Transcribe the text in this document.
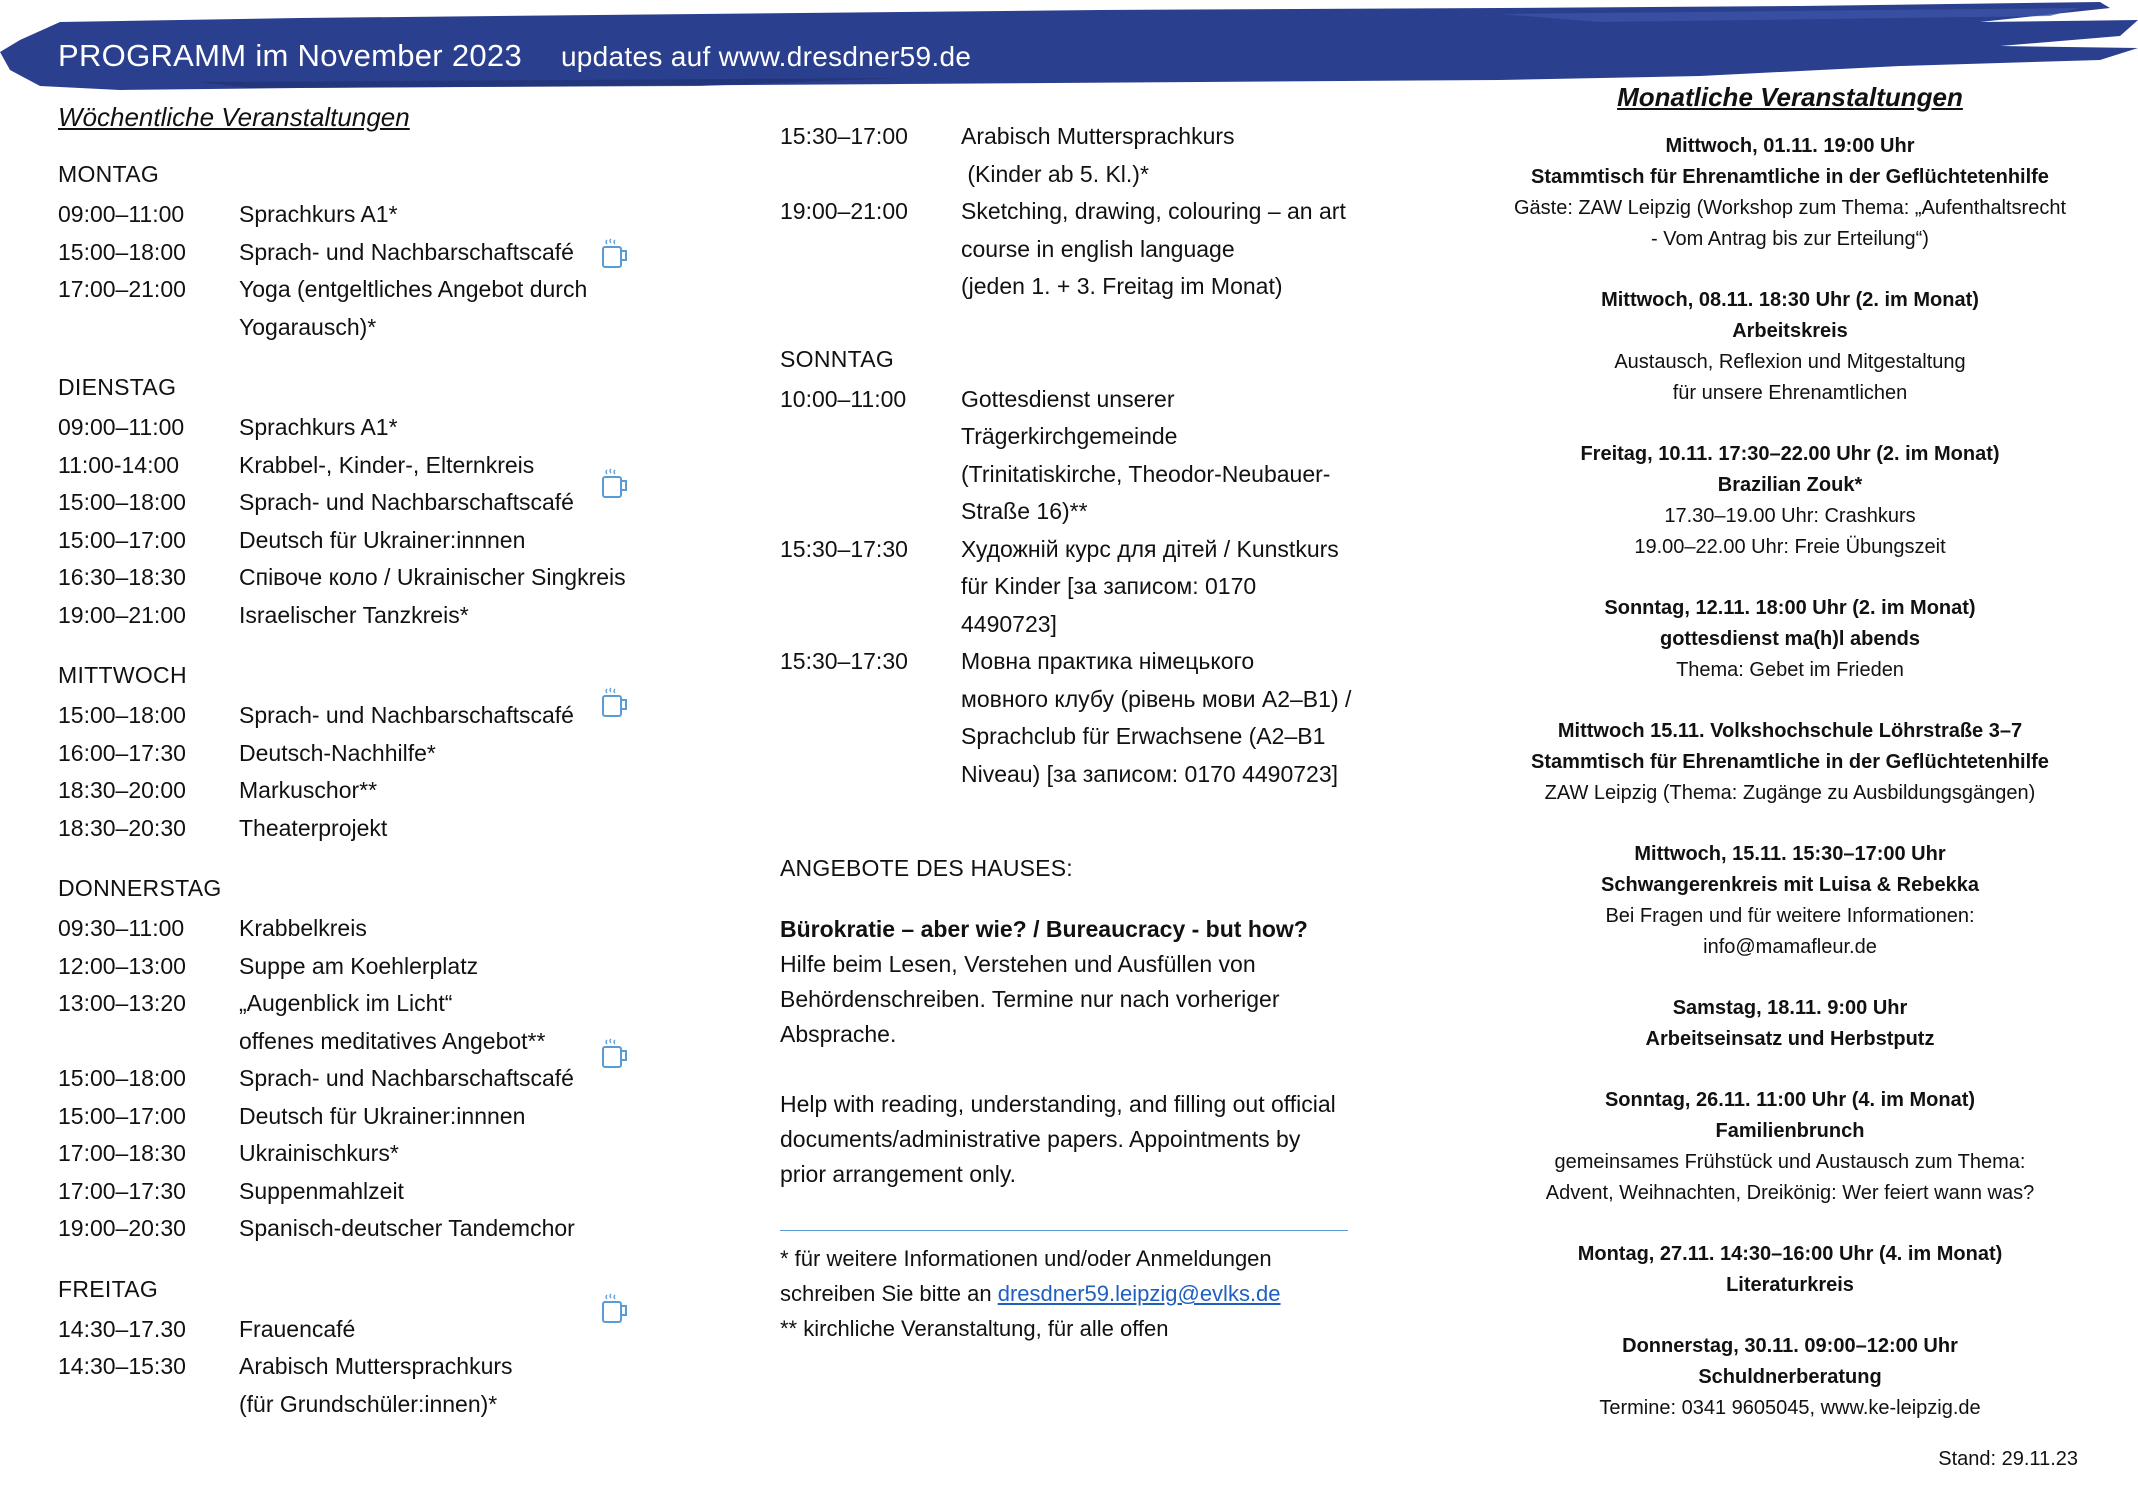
PROGRAMM im November 2023 updates auf www.dresdner59.de
Wöchentliche Veranstaltungen
MONTAG
09:00–11:00	Sprachkurs A1*
15:00–18:00	Sprach- und Nachbarschaftscafé
17:00–21:00	Yoga (entgeltliches Angebot durch
Yogarausch)*
DIENSTAG
09:00–11:00	Sprachkurs A1*
11:00-14:00	Krabbel-, Kinder-, Elternkreis
15:00–18:00	Sprach- und Nachbarschaftscafé
15:00–17:00	Deutsch für Ukrainer:innnen
16:30–18:30	Співоче коло / Ukrainischer Singkreis
19:00–21:00	Israelischer Tanzkreis*
MITTWOCH
15:00–18:00	Sprach- und Nachbarschaftscafé
16:00–17:30	Deutsch-Nachhilfe*
18:30–20:00	Markuschor**
18:30–20:30	Theaterprojekt
DONNERSTAG
09:30–11:00	Krabbelkreis
12:00–13:00	Suppe am Koehlerplatz
13:00–13:20	„Augenblick im Licht“
offenes meditatives Angebot**
15:00–18:00	Sprach- und Nachbarschaftscafé
15:00–17:00	Deutsch für Ukrainer:innnen
17:00–18:30	Ukrainischkurs*
17:00–17:30	Suppenmahlzeit
19:00–20:30	Spanisch-deutscher Tandemchor
FREITAG
14:30–17.30	Frauencafé
14:30–15:30	Arabisch Muttersprachkurs
(für Grundschüler:innen)*
15:30–17:00	Arabisch Muttersprachkurs
(Kinder ab 5. Kl.)*
19:00–21:00	Sketching, drawing, colouring – an art
course in english language
(jeden 1. + 3. Freitag im Monat)
SONNTAG
10:00–11:00	Gottesdienst unserer
Trägerkirchgemeinde
(Trinitatiskirche, Theodor-Neubauer-
Straße 16)**
15:30–17:30	Художній курс для дітей / Kunstkurs
für Kinder [за записом: 0170
4490723]
15:30–17:30	Мовна практика німецького
мовного клубу (рівень мови А2–В1) /
Sprachclub für Erwachsene (A2–B1
Niveau) [за записом: 0170 4490723]
ANGEBOTE DES HAUSES:
Bürokratie – aber wie? / Bureaucracy - but how?
Hilfe beim Lesen, Verstehen und Ausfüllen von
Behördenschreiben. Termine nur nach vorheriger
Absprache.
Help with reading, understanding, and filling out official
documents/administrative papers. Appointments by
prior arrangement only.
* für weitere Informationen und/oder Anmeldungen
schreiben Sie bitte an dresdner59.leipzig@evlks.de
** kirchliche Veranstaltung, für alle offen
Monatliche Veranstaltungen
Mittwoch, 01.11. 19:00 Uhr
Stammtisch für Ehrenamtliche in der Geflüchtetenhilfe
Gäste: ZAW Leipzig (Workshop zum Thema: „Aufenthaltsrecht
- Vom Antrag bis zur Erteilung“)
Mittwoch, 08.11. 18:30 Uhr (2. im Monat)
Arbeitskreis
Austausch, Reflexion und Mitgestaltung
für unsere Ehrenamtlichen
Freitag, 10.11. 17:30–22.00 Uhr (2. im Monat)
Brazilian Zouk*
17.30–19.00 Uhr: Crashkurs
19.00–22.00 Uhr: Freie Übungszeit
Sonntag, 12.11. 18:00 Uhr (2. im Monat)
gottesdienst ma(h)l abends
Thema: Gebet im Frieden
Mittwoch 15.11. Volkshochschule Löhrstraße 3–7
Stammtisch für Ehrenamtliche in der Geflüchtetenhilfe
ZAW Leipzig (Thema: Zugänge zu Ausbildungsgängen)
Mittwoch, 15.11. 15:30–17:00 Uhr
Schwangerenkreis mit Luisa & Rebekka
Bei Fragen und für weitere Informationen:
info@mamafleur.de
Samstag, 18.11. 9:00 Uhr
Arbeitseinsatz und Herbstputz
Sonntag, 26.11. 11:00 Uhr (4. im Monat)
Familienbrunch
gemeinsames Frühstück und Austausch zum Thema:
Advent, Weihnachten, Dreikönig: Wer feiert wann was?
Montag, 27.11. 14:30–16:00 Uhr (4. im Monat)
Literaturkreis
Donnerstag, 30.11. 09:00–12:00 Uhr
Schuldnerberatung
Termine: 0341 9605045, www.ke-leipzig.de
Stand: 29.11.23
